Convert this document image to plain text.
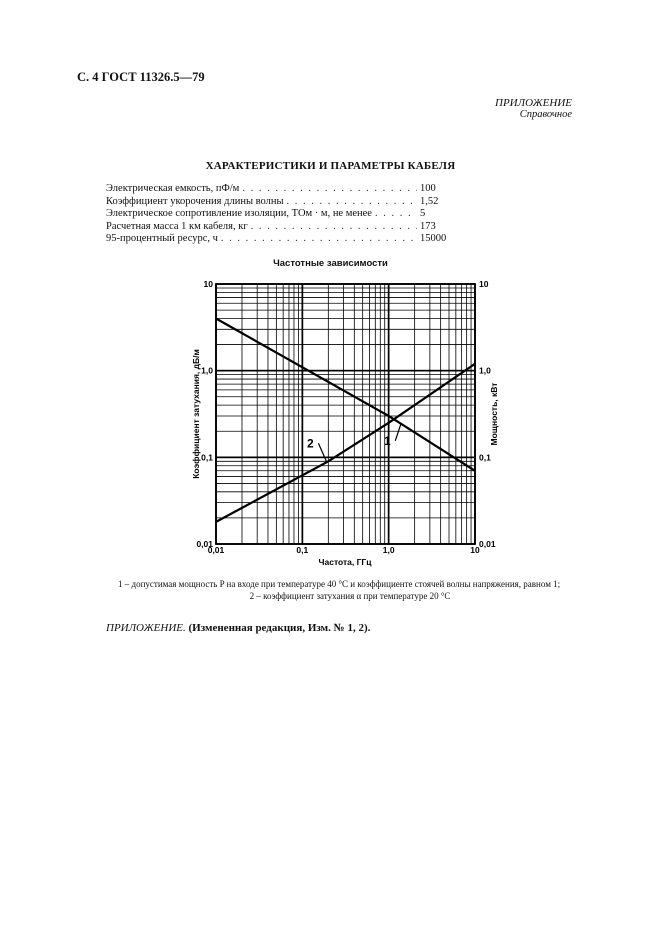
С. 4 ГОСТ 11326.5—79
ПРИЛОЖЕНИЕ
Справочное
ХАРАКТЕРИСТИКИ И ПАРАМЕТРЫ КАБЕЛЯ
Электрическая емкость, пФ/м . . .	100
Коэффициент укорочения длины волны . . .	1,52
Электрическое сопротивление изоляции, ТОм · м, не менее . . .	5
Расчетная масса 1 км кабеля, кг . . .	173
95-процентный ресурс, ч . . .	15000
Частотные зависимости
1
2
0,01	0,1	1,0	10
0,01
0,1
1,0
10
0,01
0,1
1,0
10
Частота, ГГц
Коэффициент затухания, дБ/м	Мощность, кВт
1 – допустимая мощность P на входе при температуре 40 °С и коэффициенте стоячей волны напряжения, равном 1;
2 – коэффициент затухания α при температуре 20 °С
ПРИЛОЖЕНИЕ. (Измененная редакция, Изм. № 1, 2).
